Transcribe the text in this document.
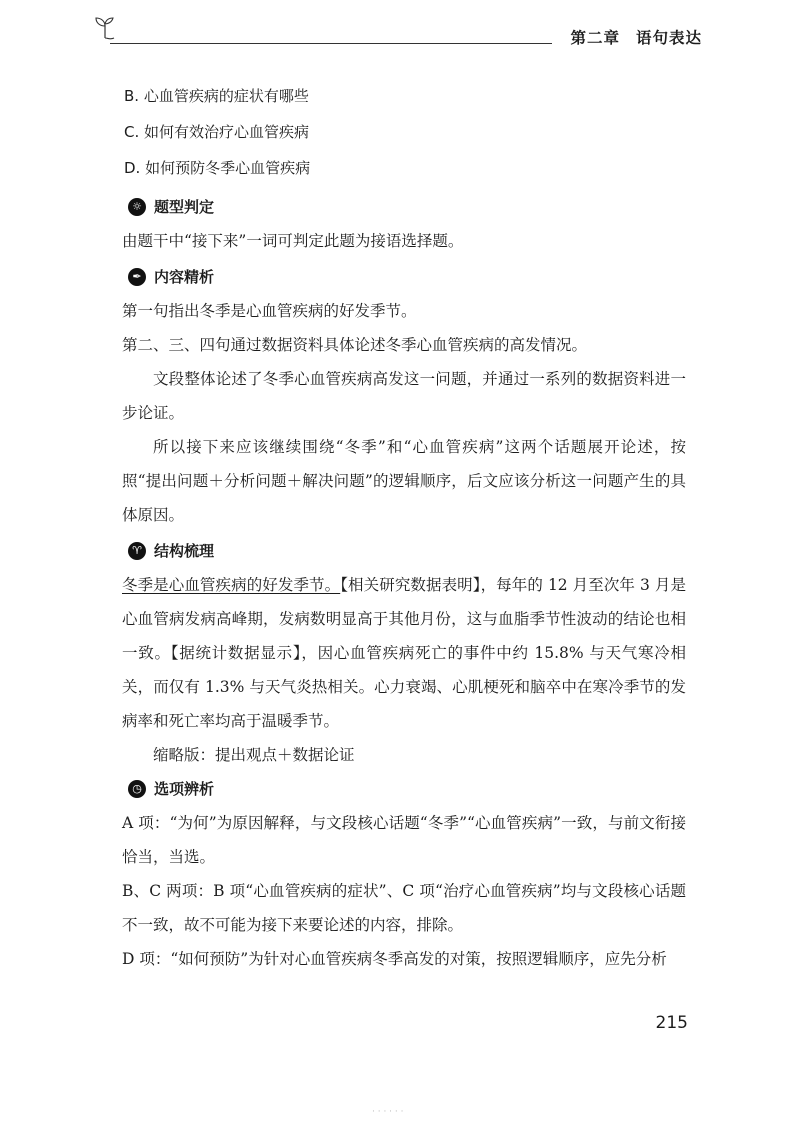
第二章 语句表达
B. 心血管疾病的症状有哪些
C. 如何有效治疗心血管疾病
D. 如何预防冬季心血管疾病
☼ 题型判定
由题干中“接下来”一词可判定此题为接语选择题。
✒ 内容精析
第一句指出冬季是心血管疾病的好发季节。
第二、三、四句通过数据资料具体论述冬季心血管疾病的高发情况。
文段整体论述了冬季心血管疾病高发这一问题，并通过一系列的数据资料进一步论证。
所以接下来应该继续围绕“冬季”和“心血管疾病”这两个话题展开论述，按照“提出问题＋分析问题＋解决问题”的逻辑顺序，后文应该分析这一问题产生的具体原因。
♈ 结构梳理
冬季是心血管疾病的好发季节。【相关研究数据表明】，每年的 12 月至次年 3 月是心血管病发病高峰期，发病数明显高于其他月份，这与血脂季节性波动的结论也相一致。【据统计数据显示】，因心血管疾病死亡的事件中约 15.8% 与天气寒冷相关，而仅有 1.3% 与天气炎热相关。心力衰竭、心肌梗死和脑卒中在寒冷季节的发病率和死亡率均高于温暖季节。
缩略版：提出观点＋数据论证
◷ 选项辨析
A 项：“为何”为原因解释，与文段核心话题“冬季”“心血管疾病”一致，与前文衔接恰当，当选。
B、C 两项：B 项“心血管疾病的症状”、C 项“治疗心血管疾病”均与文段核心话题不一致，故不可能为接下来要论述的内容，排除。
D 项：“如何预防”为针对心血管疾病冬季高发的对策，按照逻辑顺序，应先分析
215
· · · · · ·
